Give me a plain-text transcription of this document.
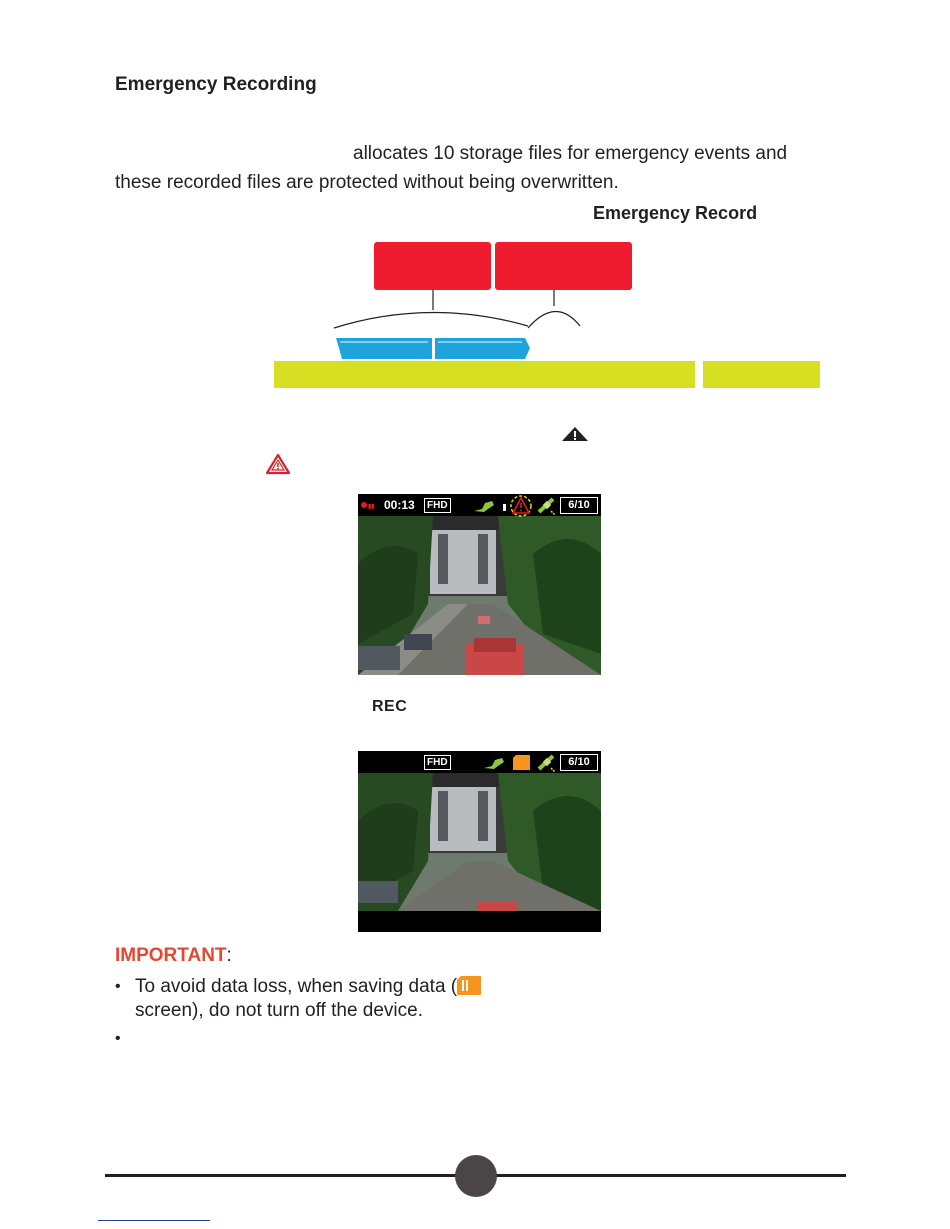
Emergency Recording
allocates 10 storage files for emergency events and
these recorded files are protected without being overwritten.
Emergency Record
▮▮ 00:13	FHD	6/10
REC
FHD	6/10
IMPORTANT:
• To avoid data loss, when saving data (
screen), do not turn off the device.
•
